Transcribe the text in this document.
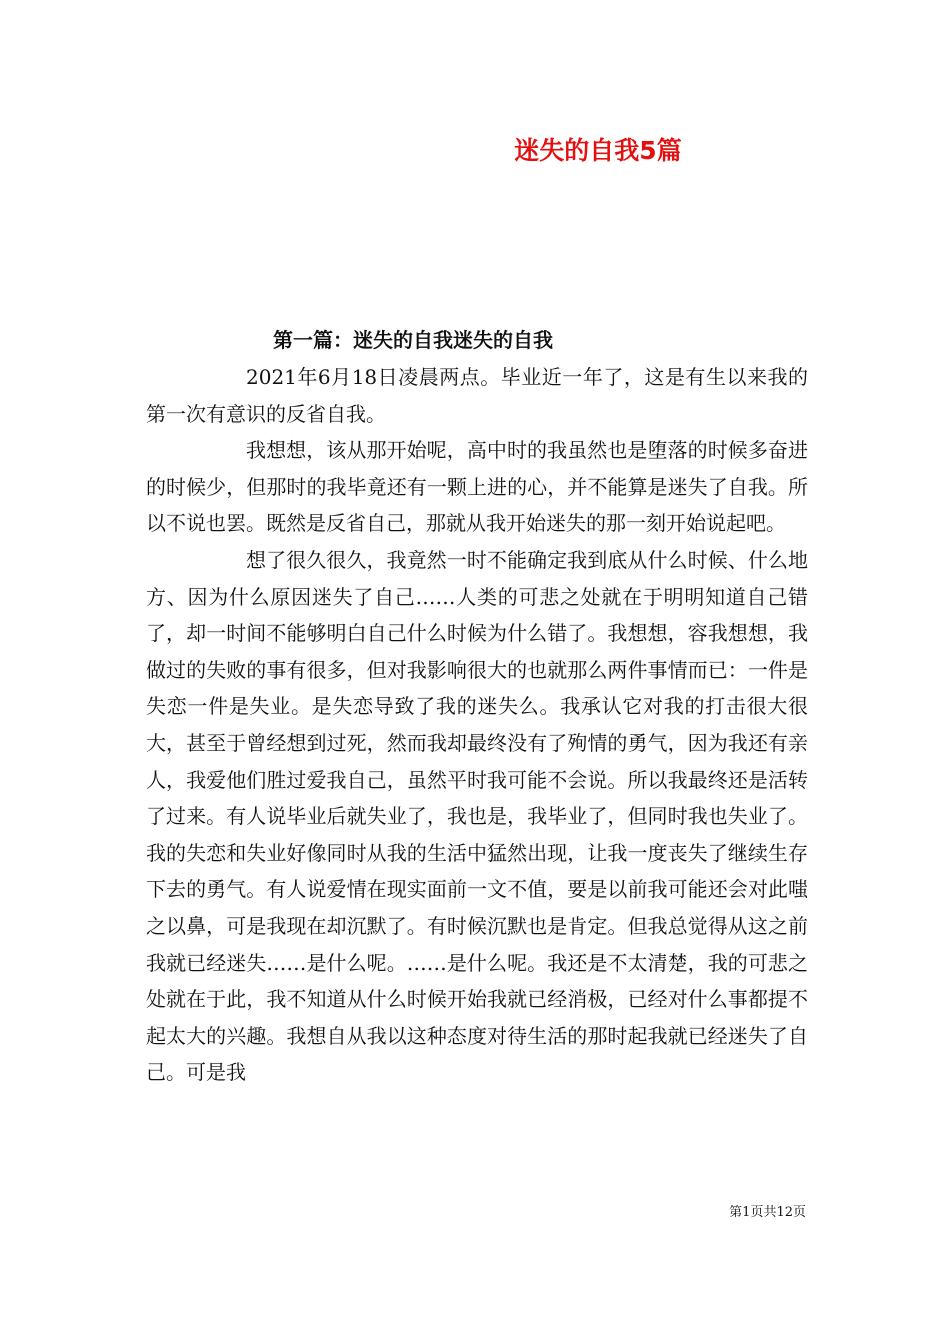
迷失的自我5篇
第一篇：迷失的自我迷失的自我

2021年6月18日凌晨两点。毕业近一年了，这是有生以来我的第一次有意识的反省自我。

我想想，该从那开始呢，高中时的我虽然也是堕落的时候多奋进的时候少，但那时的我毕竟还有一颗上进的心，并不能算是迷失了自我。所以不说也罢。既然是反省自己，那就从我开始迷失的那一刻开始说起吧。

想了很久很久，我竟然一时不能确定我到底从什么时候、什么地方、因为什么原因迷失了自己……人类的可悲之处就在于明明知道自己错了，却一时间不能够明白自己什么时候为什么错了。我想想，容我想想，我做过的失败的事有很多，但对我影响很大的也就那么两件事情而已：一件是失恋一件是失业。是失恋导致了我的迷失么。我承认它对我的打击很大很大，甚至于曾经想到过死，然而我却最终没有了殉情的勇气，因为我还有亲人，我爱他们胜过爱我自己，虽然平时我可能不会说。所以我最终还是活转了过来。有人说毕业后就失业了，我也是，我毕业了，但同时我也失业了。我的失恋和失业好像同时从我的生活中猛然出现，让我一度丧失了继续生存下去的勇气。有人说爱情在现实面前一文不值，要是以前我可能还会对此嗤之以鼻，可是我现在却沉默了。有时候沉默也是肯定。但我总觉得从这之前我就已经迷失……是什么呢。……是什么呢。我还是不太清楚，我的可悲之处就在于此，我不知道从什么时候开始我就已经消极，已经对什么事都提不起太大的兴趣。我想自从我以这种态度对待生活的那时起我就已经迷失了自己。可是我

第1页共12页
